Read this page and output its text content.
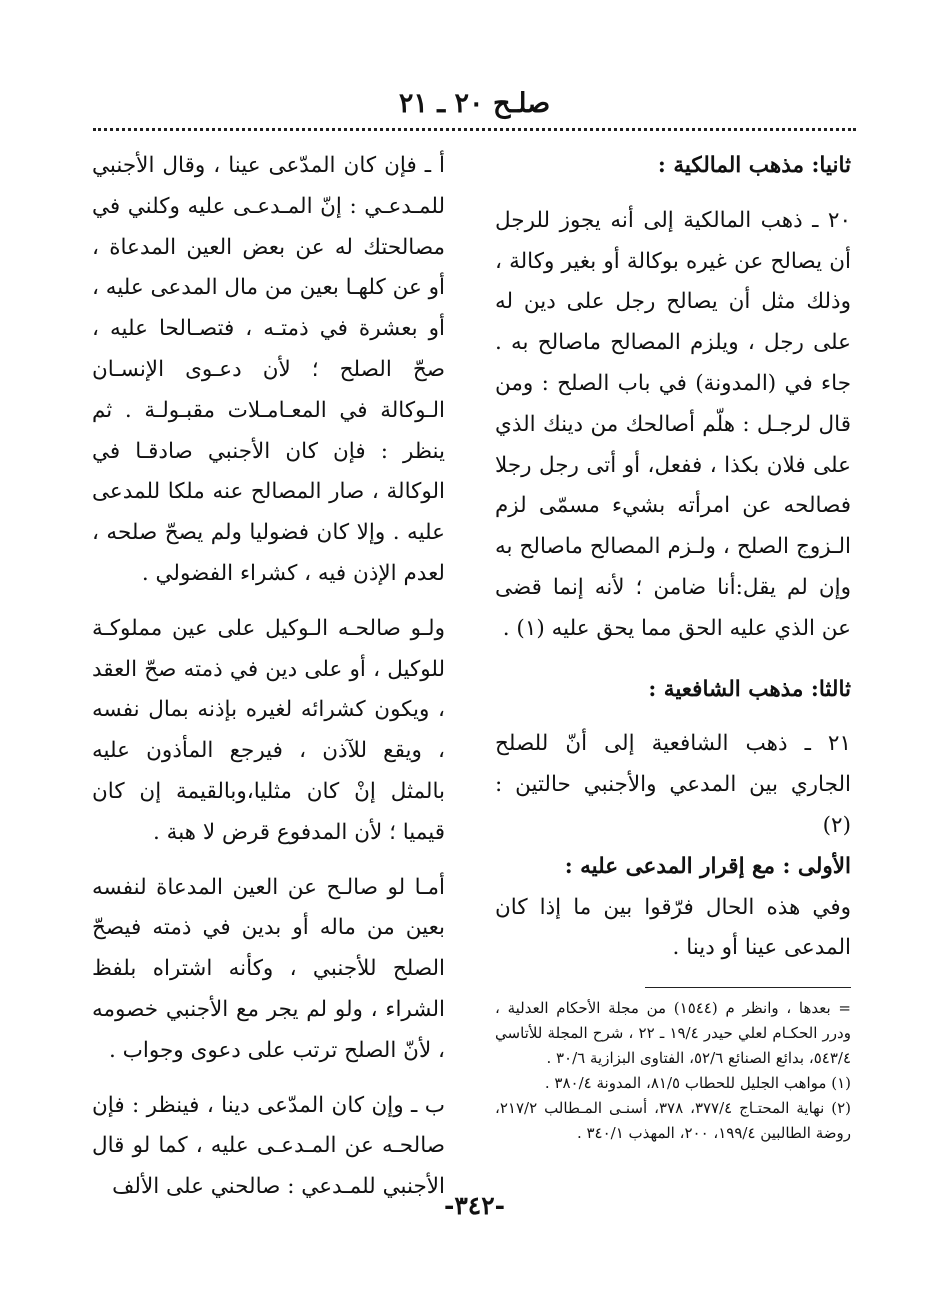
صلـح ٢٠ ـ ٢١

ثانيا: مذهب المالكية :

٢٠ ـ ذهب المالكية إلى أنه يجوز للرجل أن يصالح عن غيره بوكالة أو بغير وكالة ، وذلك مثل أن يصالح رجل على دين له على رجل ، ويلزم المصالح ماصالح به . جاء في (المدونة) في باب الصلح : ومن قال لرجـل : هلّم أصالحك من دينك الذي على فلان بكذا ، ففعل، أو أتى رجل رجلا فصالحه عن امرأته بشيء مسمّى لزم الـزوج الصلح ، ولـزم المصالح ماصالح به وإن لم يقل:أنا ضامن ؛ لأنه إنما قضى عن الذي عليه الحق مما يحق عليه (١) .

ثالثا: مذهب الشافعية :

٢١ ـ ذهب الشافعية إلى أنّ للصلح الجاري بين المدعي والأجنبي حالتين : (٢)

الأولى : مع إقرار المدعى عليه :

وفي هذه الحال فرّقوا بين ما إذا كان المدعى عينا أو دينا .

= بعدها ، وانظر م (١٥٤٤) من مجلة الأحكام العدلية ، ودرر الحكـام لعلي حيدر ١٩/٤ ـ ٢٢ ، شرح المجلة للأتاسي ٥٤٣/٤، بدائع الصنائع ٥٢/٦، الفتاوى البزازية ٣٠/٦ .

(١) مواهب الجليل للحطاب ٨١/٥، المدونة ٣٨٠/٤ .

(٢) نهاية المحتـاج ٣٧٧/٤، ٣٧٨، أسنـى المـطالب ٢١٧/٢، روضة الطالبين ١٩٩/٤، ٢٠٠، المهذب ٣٤٠/١ .

أ ـ فإن كان المدّعى عينا ، وقال الأجنبي للمـدعـي : إنّ المـدعـى عليه وكلني في مصالحتك له عن بعض العين المدعاة ، أو عن كلهـا بعين من مال المدعى عليه ، أو بعشرة في ذمتـه ، فتصـالحا عليه ، صحّ الصلح ؛ لأن دعـوى الإنسـان الـوكالة في المعـامـلات مقبـولـة . ثم ينظر : فإن كان الأجنبي صادقـا في الوكالة ، صار المصالح عنه ملكا للمدعى عليه . وإلا كان فضوليا ولم يصحّ صلحه ، لعدم الإذن فيه ، كشراء الفضولي .

ولـو صالحـه الـوكيل على عين مملوكـة للوكيل ، أو على دين في ذمته صحّ العقد ، ويكون كشرائه لغيره بإذنه بمال نفسه ، ويقع للآذن ، فيرجع المأذون عليه بالمثل إنْ كان مثليا،وبالقيمة إن كان قيميا ؛ لأن المدفوع قرض لا هبة .

أمـا لو صالـح عن العين المدعاة لنفسه بعين من ماله أو بدين في ذمته فيصحّ الصلح للأجنبي ، وكأنه اشتراه بلفظ الشراء ، ولو لم يجر مع الأجنبي خصومه ، لأنّ الصلح ترتب على دعوى وجواب .

ب ـ وإن كان المدّعى دينا ، فينظر : فإن صالحـه عن المـدعـى عليه ، كما لو قال الأجنبي للمـدعي : صالحني على الألف

-٣٤٢-
